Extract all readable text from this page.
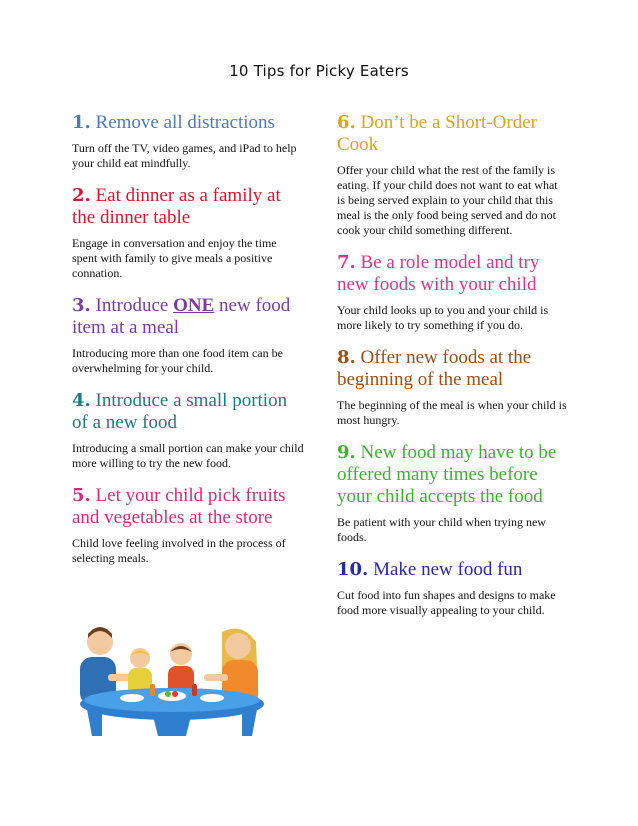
10 Tips for Picky Eaters
1. Remove all distractions

Turn off the TV, video games, and iPad to help your child eat mindfully.

2. Eat dinner as a family at the dinner table

Engage in conversation and enjoy the time spent with family to give meals a positive connation.

3. Introduce ONE new food item at a meal

Introducing more than one food item can be overwhelming for your child.

4. Introduce a small portion of a new food

Introducing a small portion can make your child more willing to try the new food.

5. Let your child pick fruits and vegetables at the store

Child love feeling involved in the process of selecting meals.

6. Don’t be a Short-Order Cook

Offer your child what the rest of the family is eating. If your child does not want to eat what is being served explain to your child that this meal is the only food being served and do not cook your child something different.

7. Be a role model and try new foods with your child

Your child looks up to you and your child is more likely to try something if you do.

8. Offer new foods at the beginning of the meal

The beginning of the meal is when your child is most hungry.

9. New food may have to be offered many times before your child accepts the food

Be patient with your child when trying new foods.

10. Make new food fun

Cut food into fun shapes and designs to make food more visually appealing to your child.
